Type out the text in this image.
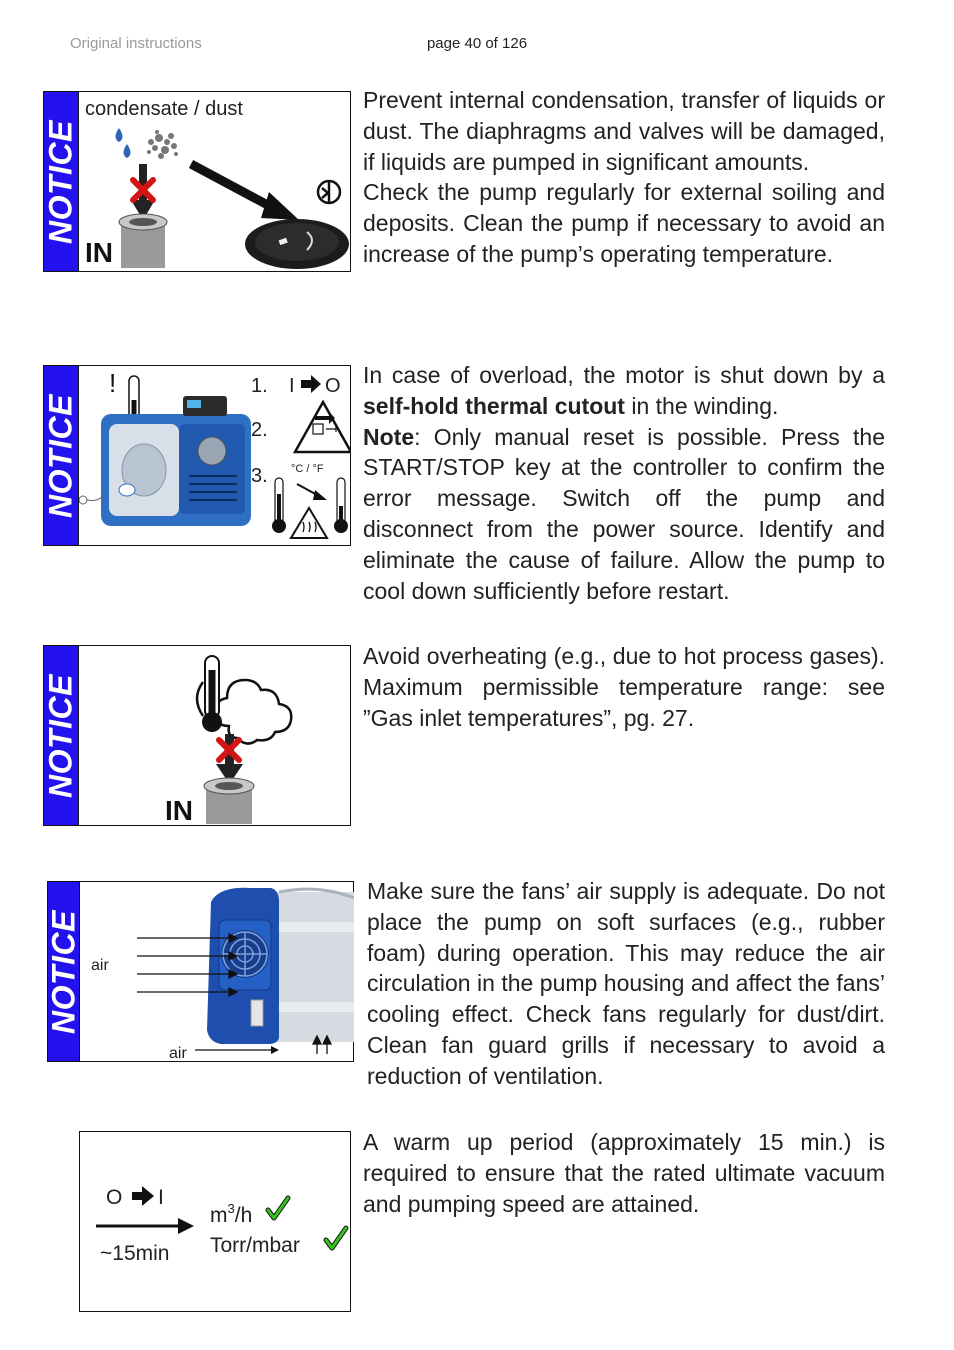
Original instructions	page 40 of 126
NOTICE
condensate / dust
IN

Prevent internal condensation, transfer of liquids or dust. The diaphragms and valves will be damaged, if liquids are pumped in significant amounts.

Check the pump regularly for external soiling and deposits. Clean the pump if necessary to avoid an increase of the pump’s operating temperature.

NOTICE
!	1. I O
2.
3. °C / °F

In case of overload, the motor is shut down by a self-hold thermal cutout in the winding.

Note: Only manual reset is possible. Press the START/STOP key at the controller to confirm the error message. Switch off the pump and disconnect from the power source. Identify and eliminate the cause of failure. Allow the pump to cool down sufficiently before restart.

NOTICE
IN

Avoid overheating (e.g., due to hot process gases). Maximum permissible temperature range: see ”Gas inlet temperatures”, pg. 27.

NOTICE air
air

Make sure the fans’ air supply is adequate. Do not place the pump on soft surfaces (e.g., rubber foam) during operation. This may reduce the air circulation in the pump housing and affect the fans’ cooling effect. Check fans regularly for dust/dirt. Clean fan guard grills if necessary to avoid a reduction of ventilation.

O I
~15min
$m^3/h$
Torr/mbar

A warm up period (approximately 15 min.) is required to ensure that the rated ultimate vacuum and pumping speed are attained.
